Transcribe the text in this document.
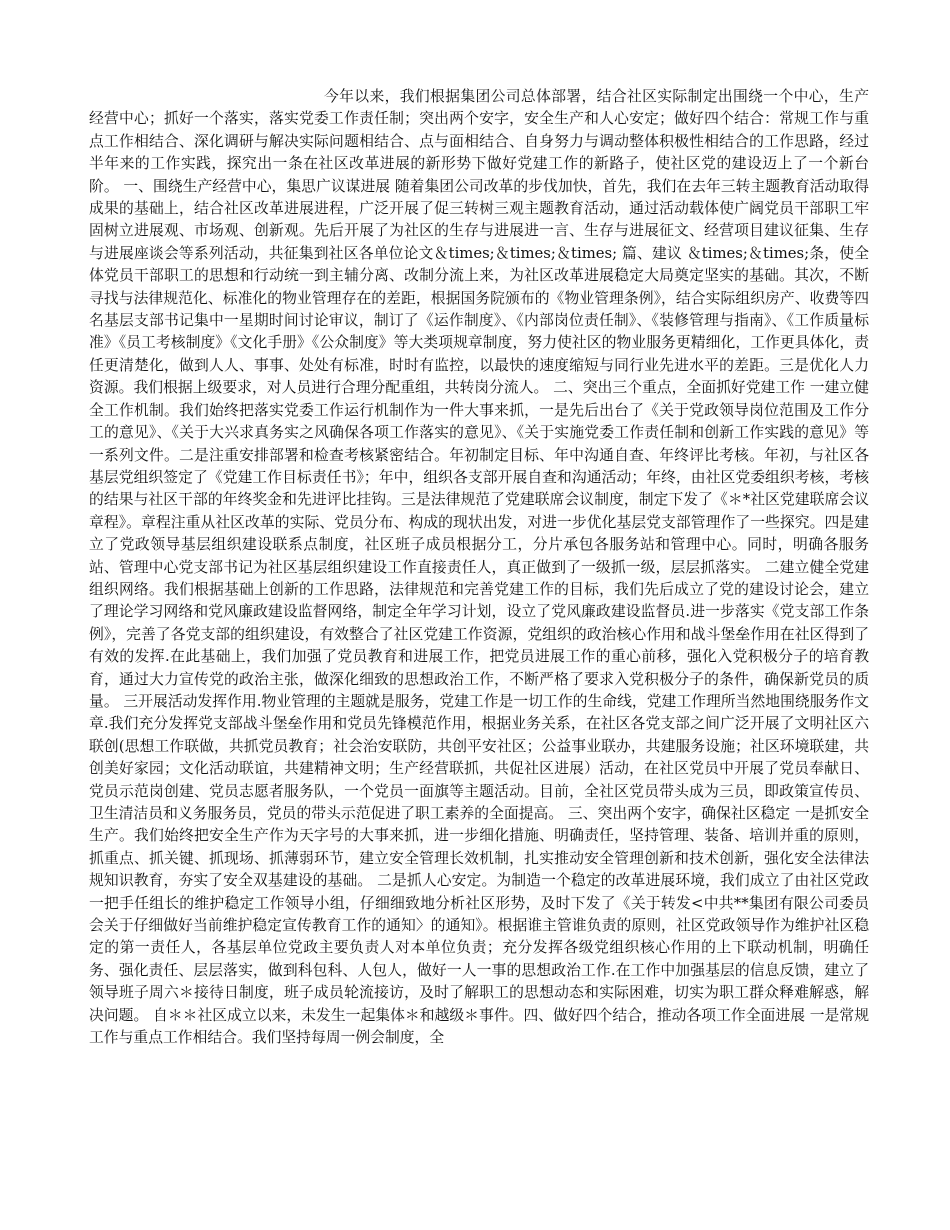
今年以来，我们根据集团公司总体部署，结合社区实际制定出围绕一个中心，生产经营中心；抓好一个落实，落实党委工作责任制；突出两个安字，安全生产和人心安定；做好四个结合：常规工作与重点工作相结合、深化调研与解决实际问题相结合、点与面相结合、自身努力与调动整体积极性相结合的工作思路，经过半年来的工作实践，探究出一条在社区改革进展的新形势下做好党建工作的新路子，使社区党的建设迈上了一个新台阶。 一、围绕生产经营中心，集思广议谋进展 随着集团公司改革的步伐加快，首先，我们在去年三转主题教育活动取得成果的基础上，结合社区改革进展进程，广泛开展了促三转树三观主题教育活动，通过活动载体使广阔党员干部职工牢固树立进展观、市场观、创新观。先后开展了为社区的生存与进展进一言、生存与进展征文、经营项目建议征集、生存与进展座谈会等系列活动，共征集到社区各单位论文＆times;＆times;＆times; 篇、建议 ＆times;＆times;条，使全体党员干部职工的思想和行动统一到主辅分离、改制分流上来，为社区改革进展稳定大局奠定坚实的基础。其次，不断寻找与法律规范化、标准化的物业管理存在的差距，根据国务院颁布的《物业管理条例》，结合实际组织房产、收费等四名基层支部书记集中一星期时间讨论审议，制订了《运作制度》、《内部岗位责任制》、《装修管理与指南》、《工作质量标准》《员工考核制度》《文化手册》《公众制度》等大类项规章制度，努力使社区的物业服务更精细化，工作更具体化，责任更清楚化，做到人人、事事、处处有标准，时时有监控，以最快的速度缩短与同行业先进水平的差距。三是优化人力资源。我们根据上级要求，对人员进行合理分配重组，共转岗分流人。 二、突出三个重点，全面抓好党建工作 一建立健全工作机制。我们始终把落实党委工作运行机制作为一件大事来抓，一是先后出台了《关于党政领导岗位范围及工作分工的意见》、《关于大兴求真务实之风确保各项工作落实的意见》、《关于实施党委工作责任制和创新工作实践的意见》等一系列文件。二是注重安排部署和检查考核紧密结合。年初制定目标、年中沟通自查、年终评比考核。年初，与社区各基层党组织签定了《党建工作目标责任书》；年中，组织各支部开展自查和沟通活动；年终，由社区党委组织考核，考核的结果与社区干部的年终奖金和先进评比挂钩。三是法律规范了党建联席会议制度，制定下发了《＊*社区党建联席会议章程》。章程注重从社区改革的实际、党员分布、构成的现状出发，对进一步优化基层党支部管理作了一些探究。四是建立了党政领导基层组织建设联系点制度，社区班子成员根据分工，分片承包各服务站和管理中心。同时，明确各服务站、管理中心党支部书记为社区基层组织建设工作直接责任人，真正做到了一级抓一级，层层抓落实。 二建立健全党建组织网络。我们根据基础上创新的工作思路，法律规范和完善党建工作的目标，我们先后成立了党的建设讨论会，建立了理论学习网络和党风廉政建设监督网络，制定全年学习计划，设立了党风廉政建设监督员.进一步落实《党支部工作条例》，完善了各党支部的组织建设，有效整合了社区党建工作资源，党组织的政治核心作用和战斗堡垒作用在社区得到了有效的发挥.在此基础上，我们加强了党员教育和进展工作，把党员进展工作的重心前移，强化入党积极分子的培育教育，通过大力宣传党的政治主张，做深化细致的思想政治工作，不断严格了要求入党积极分子的条件，确保新党员的质量。 三开展活动发挥作用.物业管理的主题就是服务，党建工作是一切工作的生命线，党建工作理所当然地围绕服务作文章.我们充分发挥党支部战斗堡垒作用和党员先锋模范作用，根据业务关系，在社区各党支部之间广泛开展了文明社区六联创(思想工作联做，共抓党员教育；社会治安联防，共创平安社区；公益事业联办，共建服务设施；社区环境联建，共创美好家园；文化活动联谊，共建精神文明；生产经营联抓，共促社区进展）活动，在社区党员中开展了党员奉献日、党员示范岗创建、党员志愿者服务队，一个党员一面旗等主题活动。目前，全社区党员带头成为三员，即政策宣传员、卫生清洁员和义务服务员，党员的带头示范促进了职工素养的全面提高。 三、突出两个安字，确保社区稳定 一是抓安全生产。我们始终把安全生产作为天字号的大事来抓，进一步细化措施、明确责任，坚持管理、装备、培训并重的原则，抓重点、抓关键、抓现场、抓薄弱环节，建立安全管理长效机制，扎实推动安全管理创新和技术创新，强化安全法律法规知识教育，夯实了安全双基建设的基础。 二是抓人心安定。为制造一个稳定的改革进展环境，我们成立了由社区党政一把手任组长的维护稳定工作领导小组，仔细细致地分析社区形势，及时下发了《关于转发<中共**集团有限公司委员会关于仔细做好当前维护稳定宣传教育工作的通知〉的通知》。根据谁主管谁负责的原则，社区党政领导作为维护社区稳定的第一责任人，各基层单位党政主要负责人对本单位负责；充分发挥各级党组织核心作用的上下联动机制，明确任务、强化责任、层层落实，做到科包科、人包人，做好一人一事的思想政治工作.在工作中加强基层的信息反馈，建立了领导班子周六＊接待日制度，班子成员轮流接访，及时了解职工的思想动态和实际困难，切实为职工群众释难解惑，解决问题。 自＊＊社区成立以来，未发生一起集体＊和越级＊事件。四、做好四个结合，推动各项工作全面进展 一是常规工作与重点工作相结合。我们坚持每周一例会制度，全
